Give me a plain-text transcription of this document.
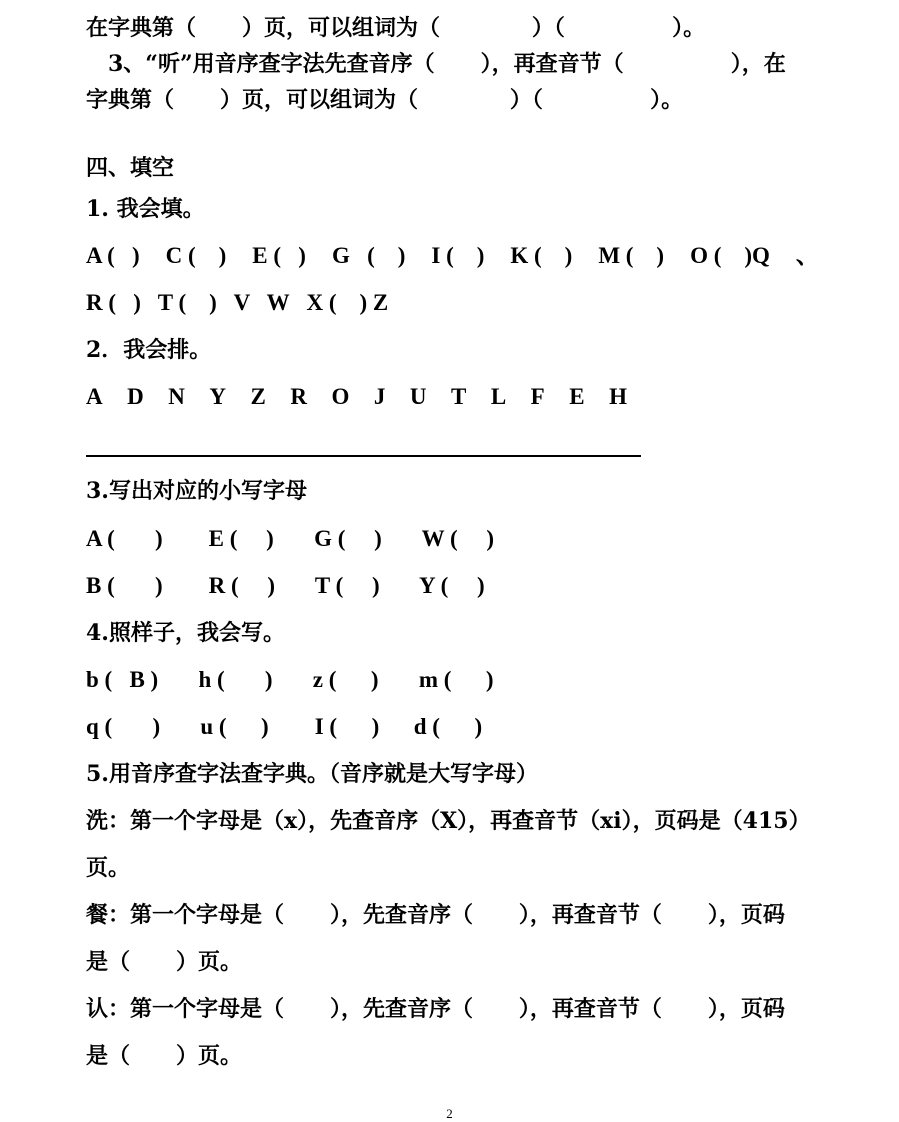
在字典第（      ）页，可以组词为（            ）（              ）。
3、“听”用音序查字法先查音序（      ），再查音节（              ），在
字典第（      ）页，可以组词为（            ）（              ）。
四、填空
1. 我会填。
A (   ) C (    ) E (   ) G   (    ) I (    ) K (    ) M (    ) O (    )Q 、
R (   )   T (    )   V   W   X (    ) Z
2．我会排。
A D N Y Z R O J U T L F E H
3.写出对应的小写字母
A (       )        E (     )       G (     )       W (     )
B (       )        R (     )       T (     )       Y (     )
4.照样子，我会写。
b (   B )       h (       )       z (      )       m (      )
q (       )       u (      )        I (      )      d (      )
5.用音序查字法查字典。（音序就是大写字母）
洗：第一个字母是（x），先查音序（X），再查音节（xi），页码是（415）
页。
餐：第一个字母是（      ），先查音序（      ），再查音节（      ），页码
是（      ）页。
认：第一个字母是（      ），先查音序（      ），再查音节（      ），页码
是（      ）页。
2
